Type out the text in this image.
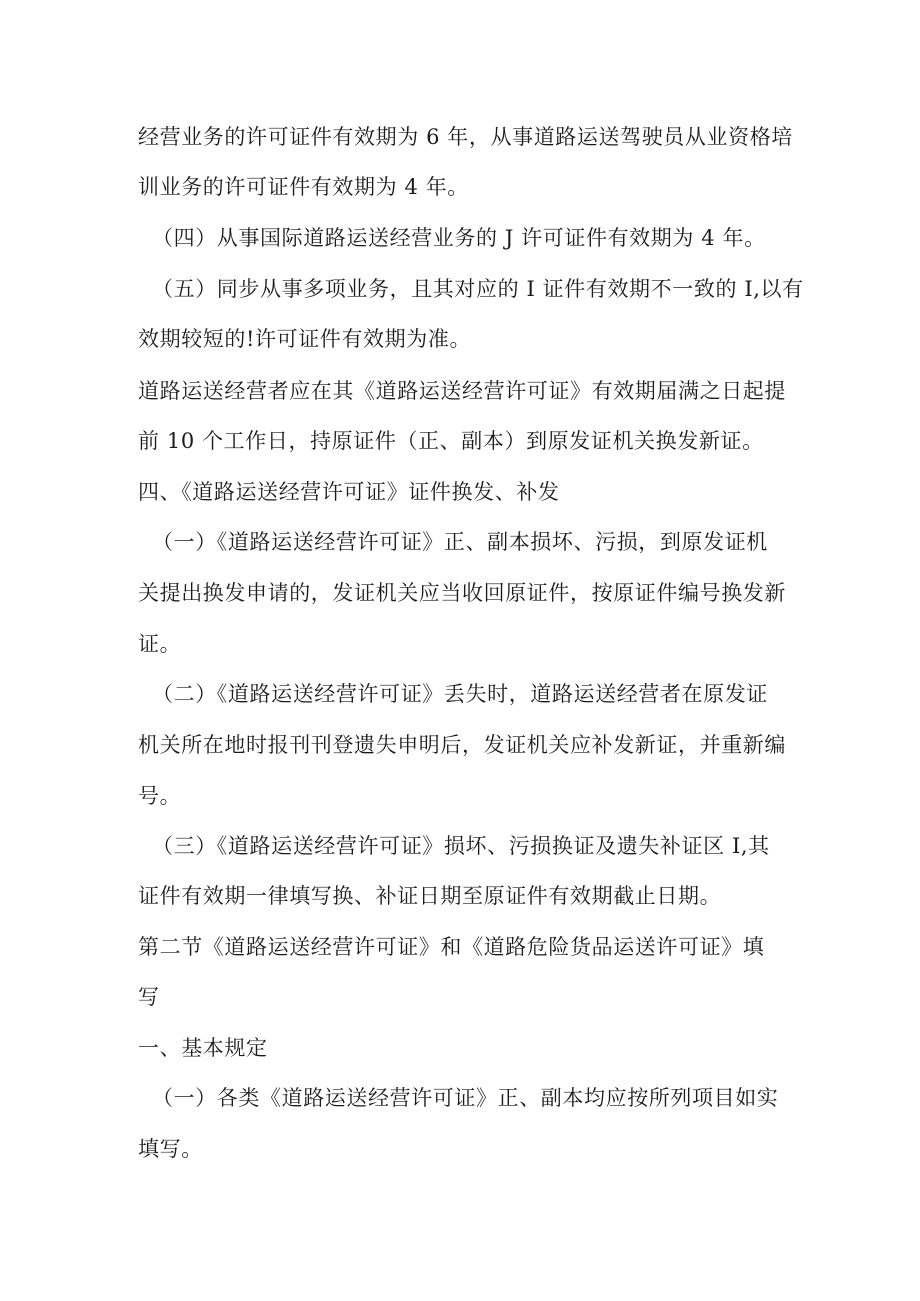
经营业务的许可证件有效期为 6 年，从事道路运送驾驶员从业资格培
训业务的许可证件有效期为 4 年。
（四）从事国际道路运送经营业务的 J 许可证件有效期为 4 年。
（五）同步从事多项业务，且其对应的 I 证件有效期不一致的 I,以有
效期较短的!许可证件有效期为准。
道路运送经营者应在其《道路运送经营许可证》有效期届满之日起提
前 10 个工作日，持原证件（正、副本）到原发证机关换发新证。
四、《道路运送经营许可证》证件换发、补发
（一）《道路运送经营许可证》正、副本损坏、污损，到原发证机
关提出换发申请的，发证机关应当收回原证件，按原证件编号换发新
证。
（二）《道路运送经营许可证》丢失时，道路运送经营者在原发证
机关所在地时报刊刊登遗失申明后，发证机关应补发新证，并重新编
号。
（三）《道路运送经营许可证》损坏、污损换证及遗失补证区 I,其
证件有效期一律填写换、补证日期至原证件有效期截止日期。
第二节《道路运送经营许可证》和《道路危险货品运送许可证》填
写
一、基本规定
（一）各类《道路运送经营许可证》正、副本均应按所列项目如实
填写。
